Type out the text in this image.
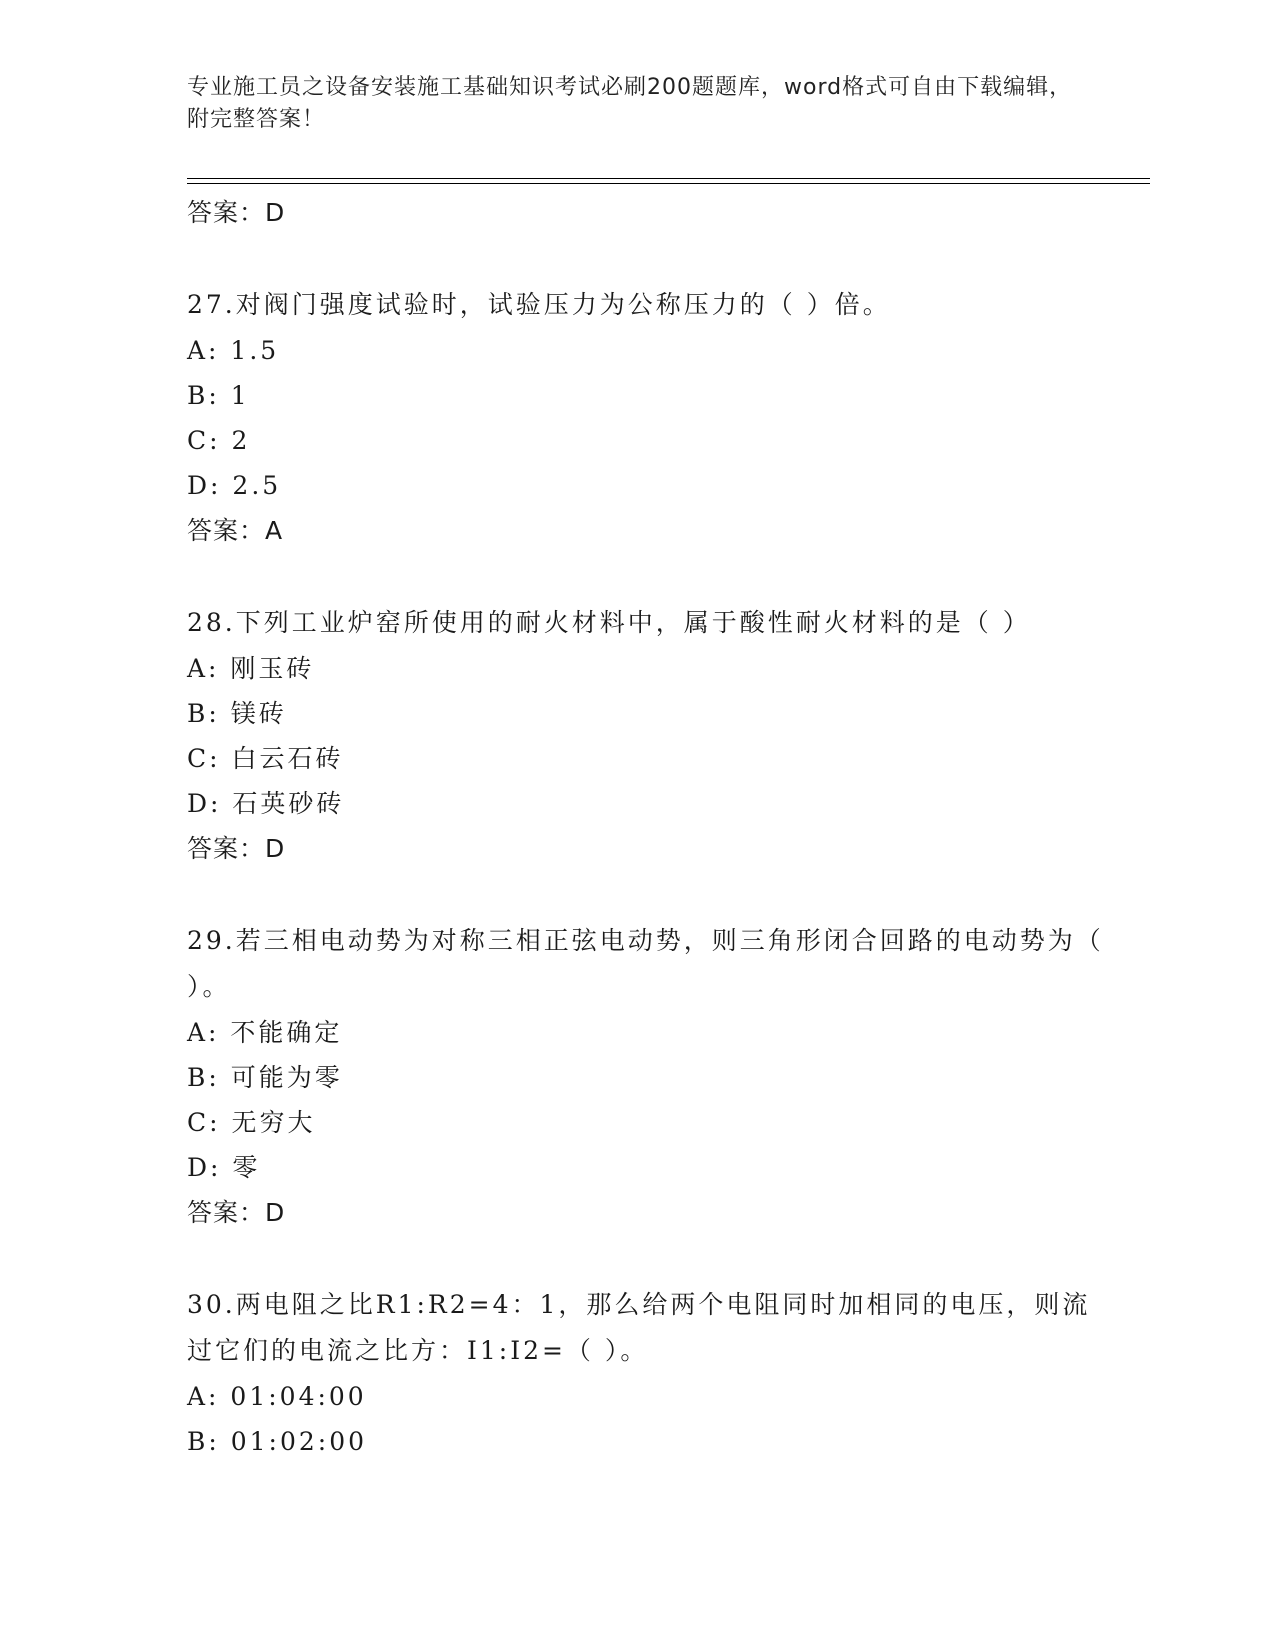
专业施工员之设备安装施工基础知识考试必刷200题题库，word格式可自由下载编辑，附完整答案！
答案：D
27.对阀门强度试验时，试验压力为公称压力的（ ）倍。
A: 1.5
B: 1
C: 2
D: 2.5
答案：A
28.下列工业炉窑所使用的耐火材料中，属于酸性耐火材料的是（ ）
A: 刚玉砖
B: 镁砖
C: 白云石砖
D: 石英砂砖
答案：D
29.若三相电动势为对称三相正弦电动势，则三角形闭合回路的电动势为（ ）。
A: 不能确定
B: 可能为零
C: 无穷大
D: 零
答案：D
30.两电阻之比R1:R2=4：1，那么给两个电阻同时加相同的电压，则流过它们的电流之比方：I1:I2=（ ）。
A: 01:04:00
B: 01:02:00
